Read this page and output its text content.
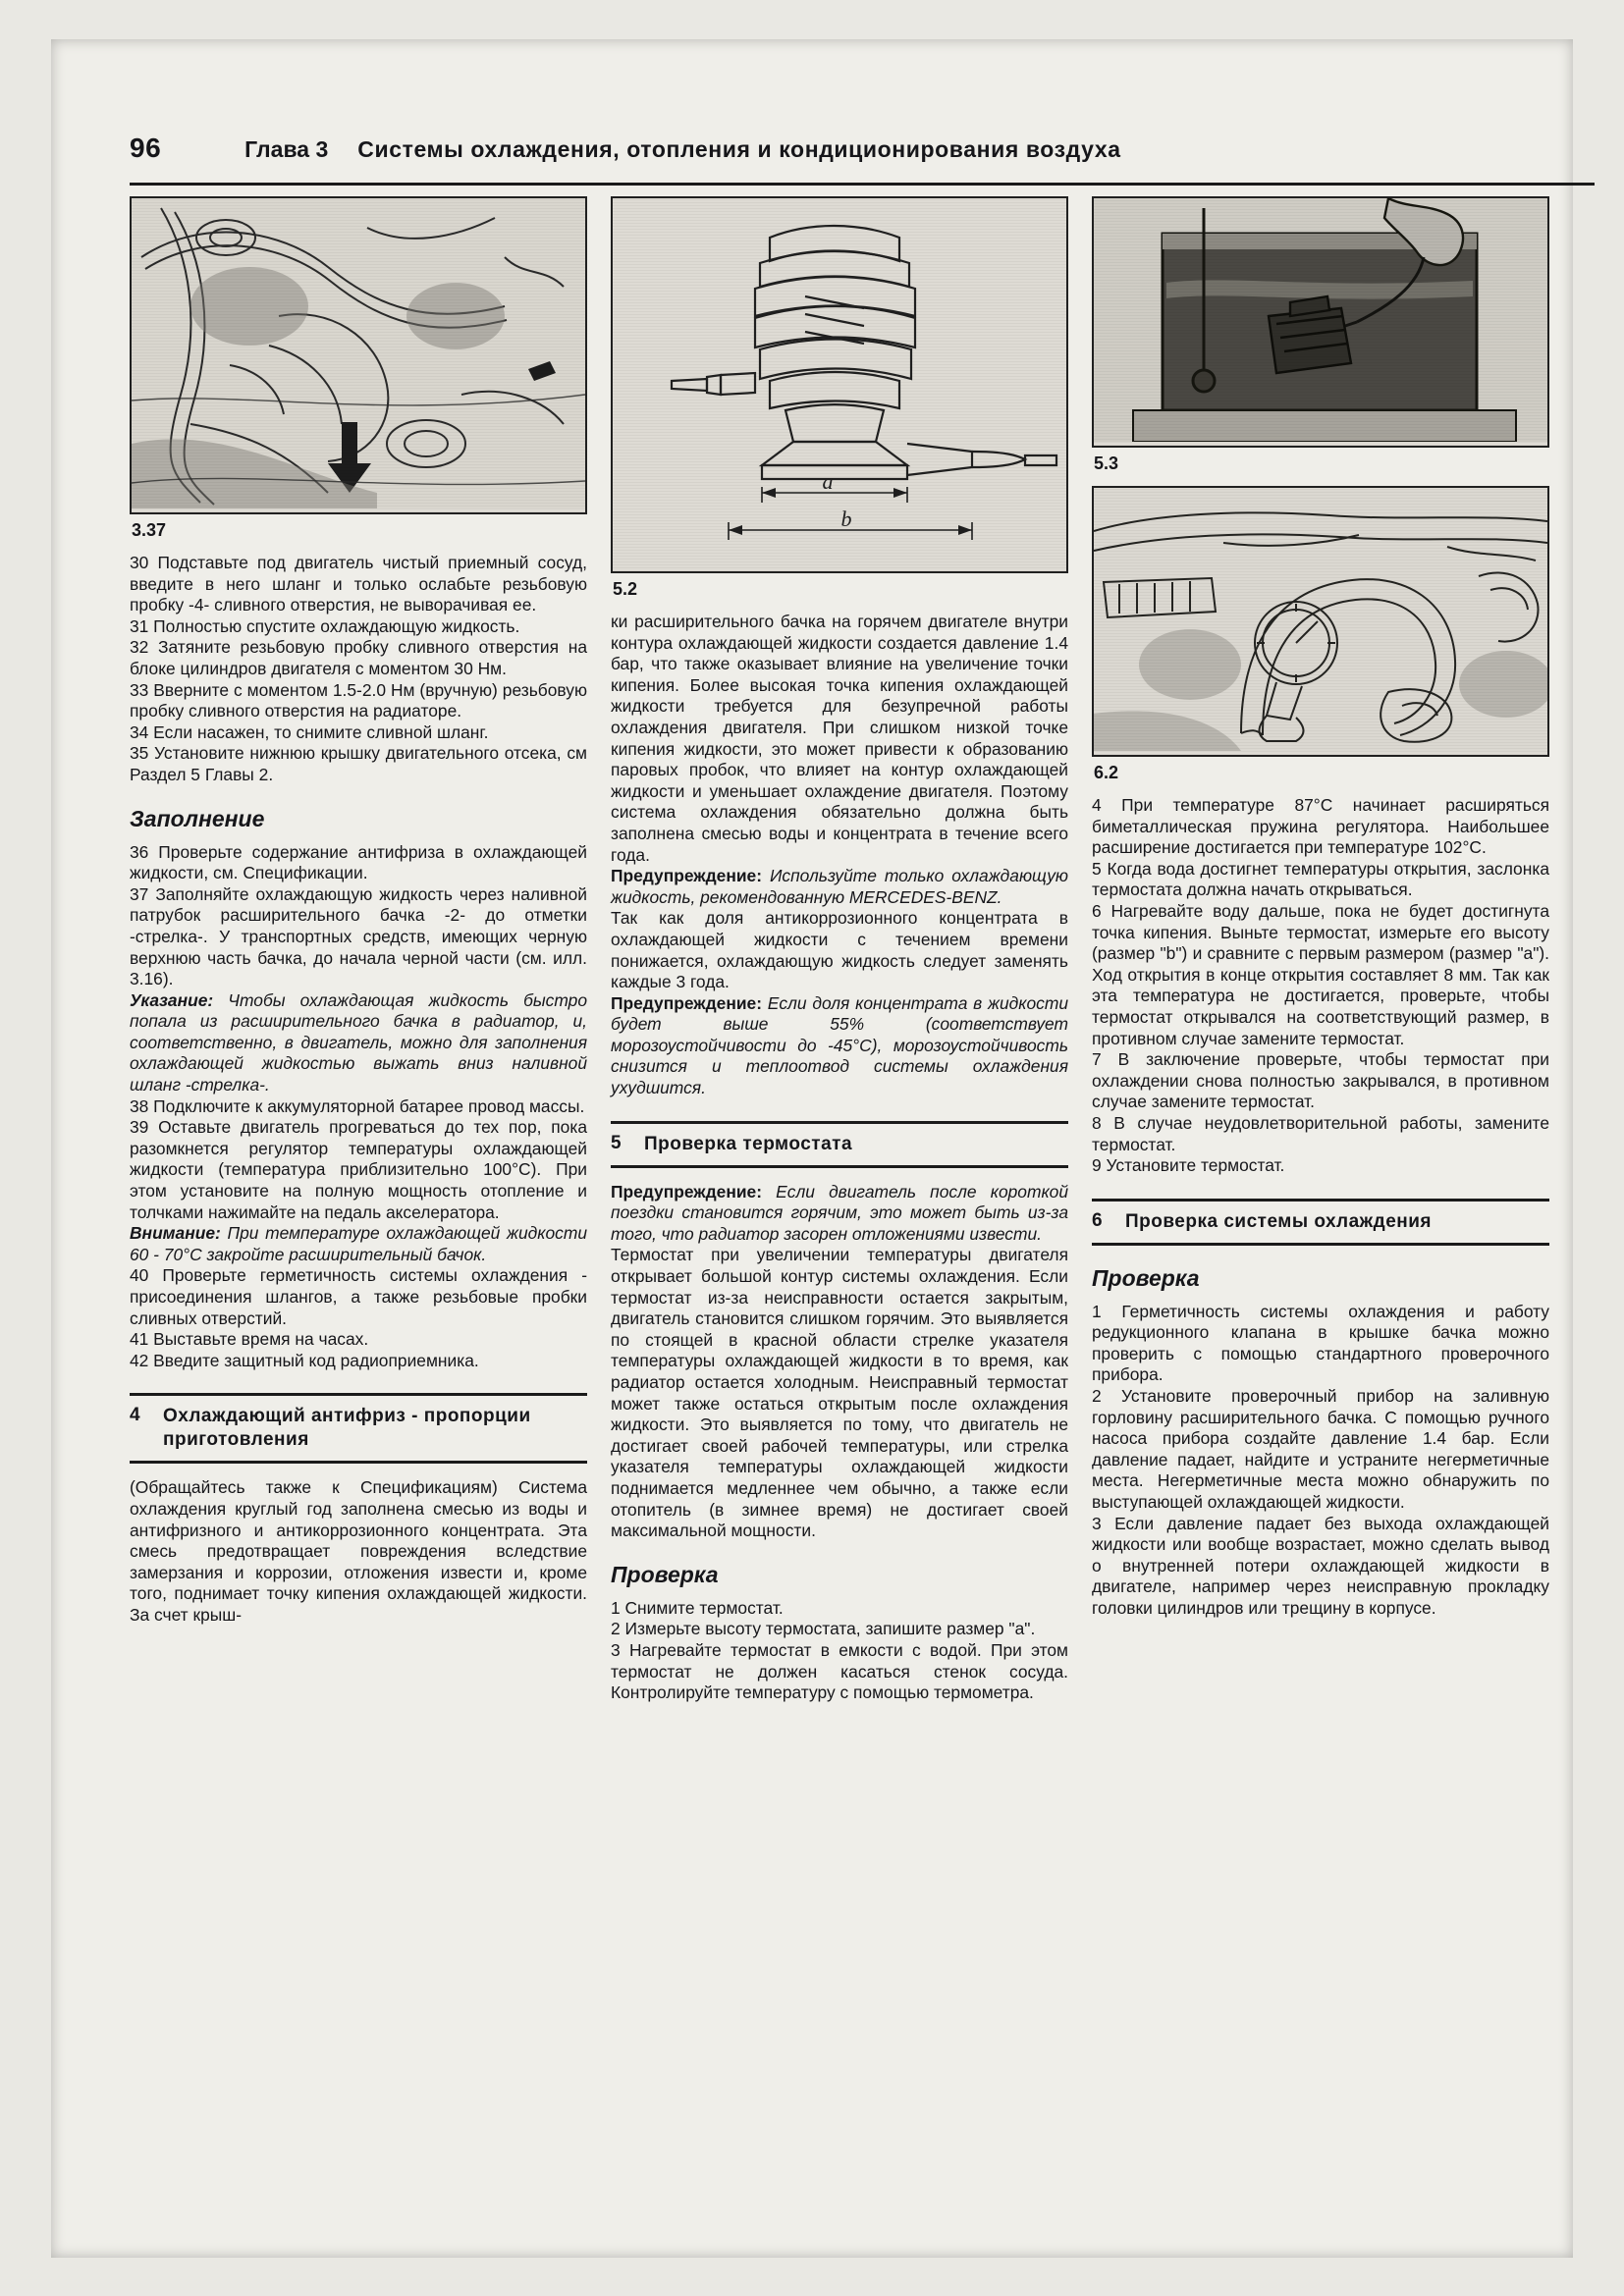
96	Глава 3 Системы охлаждения, отопления и кондиционирования воздуха
3.37

30 Подставьте под двигатель чистый приемный сосуд, введите в него шланг и только ослабьте резьбовую пробку -4- сливного отверстия, не выворачивая ее.

31 Полностью спустите охлаждающую жидкость.

32 Затяните резьбовую пробку сливного отверстия на блоке цилиндров двигателя с моментом 30 Нм.

33 Вверните с моментом 1.5-2.0 Нм (вручную) резьбовую пробку сливного отверстия на радиаторе.

34 Если насажен, то снимите сливной шланг.

35 Установите нижнюю крышку двигательного отсека, см Раздел 5 Главы 2.

Заполнение

36 Проверьте содержание антифриза в охлаждающей жидкости, см. Спецификации.

37 Заполняйте охлаждающую жидкость через наливной патрубок расширительного бачка -2- до отметки -стрелка-. У транспортных средств, имеющих черную верхнюю часть бачка, до начала черной части (см. илл. 3.16).

Указание: Чтобы охлаждающая жидкость быстро попала из расширительного бачка в радиатор, и, соответственно, в двигатель, можно для заполнения охлаждающей жидкостью выжать вниз наливной шланг -стрелка-.

38 Подключите к аккумуляторной батарее провод массы.

39 Оставьте двигатель прогреваться до тех пор, пока разомкнется регулятор температуры охлаждающей жидкости (температура приблизительно 100°C). При этом установите на полную мощность отопление и толчками нажимайте на педаль акселератора.

Внимание: При температуре охлаждающей жидкости 60 - 70°C закройте расширительный бачок.

40 Проверьте герметичность системы охлаждения - присоединения шлангов, а также резьбовые пробки сливных отверстий.

41 Выставьте время на часах.

42 Введите защитный код радиоприемника.

4 Охлаждающий антифриз - пропорции приготовления

(Обращайтесь также к Спецификациям) Система охлаждения круглый год заполнена смесью из воды и антифризного и антикоррозионного концентрата. Эта смесь предотвращает повреждения вследствие замерзания и коррозии, отложения извести и, кроме того, поднимает точку кипения охлаждающей жидкости. За счет крыш-

a
b
5.2

ки расширительного бачка на горячем двигателе внутри контура охлаждающей жидкости создается давление 1.4 бар, что также оказывает влияние на увеличение точки кипения. Более высокая точка кипения охлаждающей жидкости требуется для безупречной работы охлаждения двигателя. При слишком низкой точке кипения жидкости, это может привести к образованию паровых пробок, что влияет на контур охлаждающей жидкости и уменьшает охлаждение двигателя. Поэтому система охлаждения обязательно должна быть заполнена смесью воды и концентрата в течение всего года.

Предупреждение: Используйте только охлаждающую жидкость, рекомендованную MERCEDES-BENZ.

Так как доля антикоррозионного концентрата в охлаждающей жидкости с течением времени понижается, охлаждающую жидкость следует заменять каждые 3 года.

Предупреждение: Если доля концентрата в жидкости будет выше 55% (соответствует морозоустойчивости до -45°C), морозоустойчивость снизится и теплоотвод системы охлаждения ухудшится.

5 Проверка термостата

Предупреждение: Если двигатель после короткой поездки становится горячим, это может быть из-за того, что радиатор засорен отложениями извести.

Термостат при увеличении температуры двигателя открывает большой контур системы охлаждения. Если термостат из-за неисправности остается закрытым, двигатель становится слишком горячим. Это выявляется по стоящей в красной области стрелке указателя температуры охлаждающей жидкости в то время, как радиатор остается холодным. Неисправный термостат может также остаться открытым после охлаждения жидкости. Это выявляется по тому, что двигатель не достигает своей рабочей температуры, или стрелка указателя температуры охлаждающей жидкости поднимается медленнее чем обычно, а также если отопитель (в зимнее время) не достигает своей максимальной мощности.

Проверка

1 Снимите термостат.

2 Измерьте высоту термостата, запишите размер "a".

3 Нагревайте термостат в емкости с водой. При этом термостат не должен касаться стенок сосуда. Контролируйте температуру с помощью термометра.

5.3
6.2

4 При температуре 87°C начинает расширяться биметаллическая пружина регулятора. Наибольшее расширение достигается при температуре 102°C.

5 Когда вода достигнет температуры открытия, заслонка термостата должна начать открываться.

6 Нагревайте воду дальше, пока не будет достигнута точка кипения. Выньте термостат, измерьте его высоту (размер "b") и сравните с первым размером (размер "a"). Ход открытия в конце открытия составляет 8 мм. Так как эта температура не достигается, проверьте, чтобы термостат открывался на соответствующий размер, в противном случае замените термостат.

7 В заключение проверьте, чтобы термостат при охлаждении снова полностью закрывался, в противном случае замените термостат.

8 В случае неудовлетворительной работы, замените термостат.

9 Установите термостат.

6 Проверка системы охлаждения
Проверка

1 Герметичность системы охлаждения и работу редукционного клапана в крышке бачка можно проверить с помощью стандартного проверочного прибора.

2 Установите проверочный прибор на заливную горловину расширительного бачка. С помощью ручного насоса прибора создайте давление 1.4 бар. Если давление падает, найдите и устраните негерметичные места. Негерметичные места можно обнаружить по выступающей охлаждающей жидкости.

3 Если давление падает без выхода охлаждающей жидкости или вообще возрастает, можно сделать вывод о внутренней потери охлаждающей жидкости в двигателе, например через неисправную прокладку головки цилиндров или трещину в корпусе.
